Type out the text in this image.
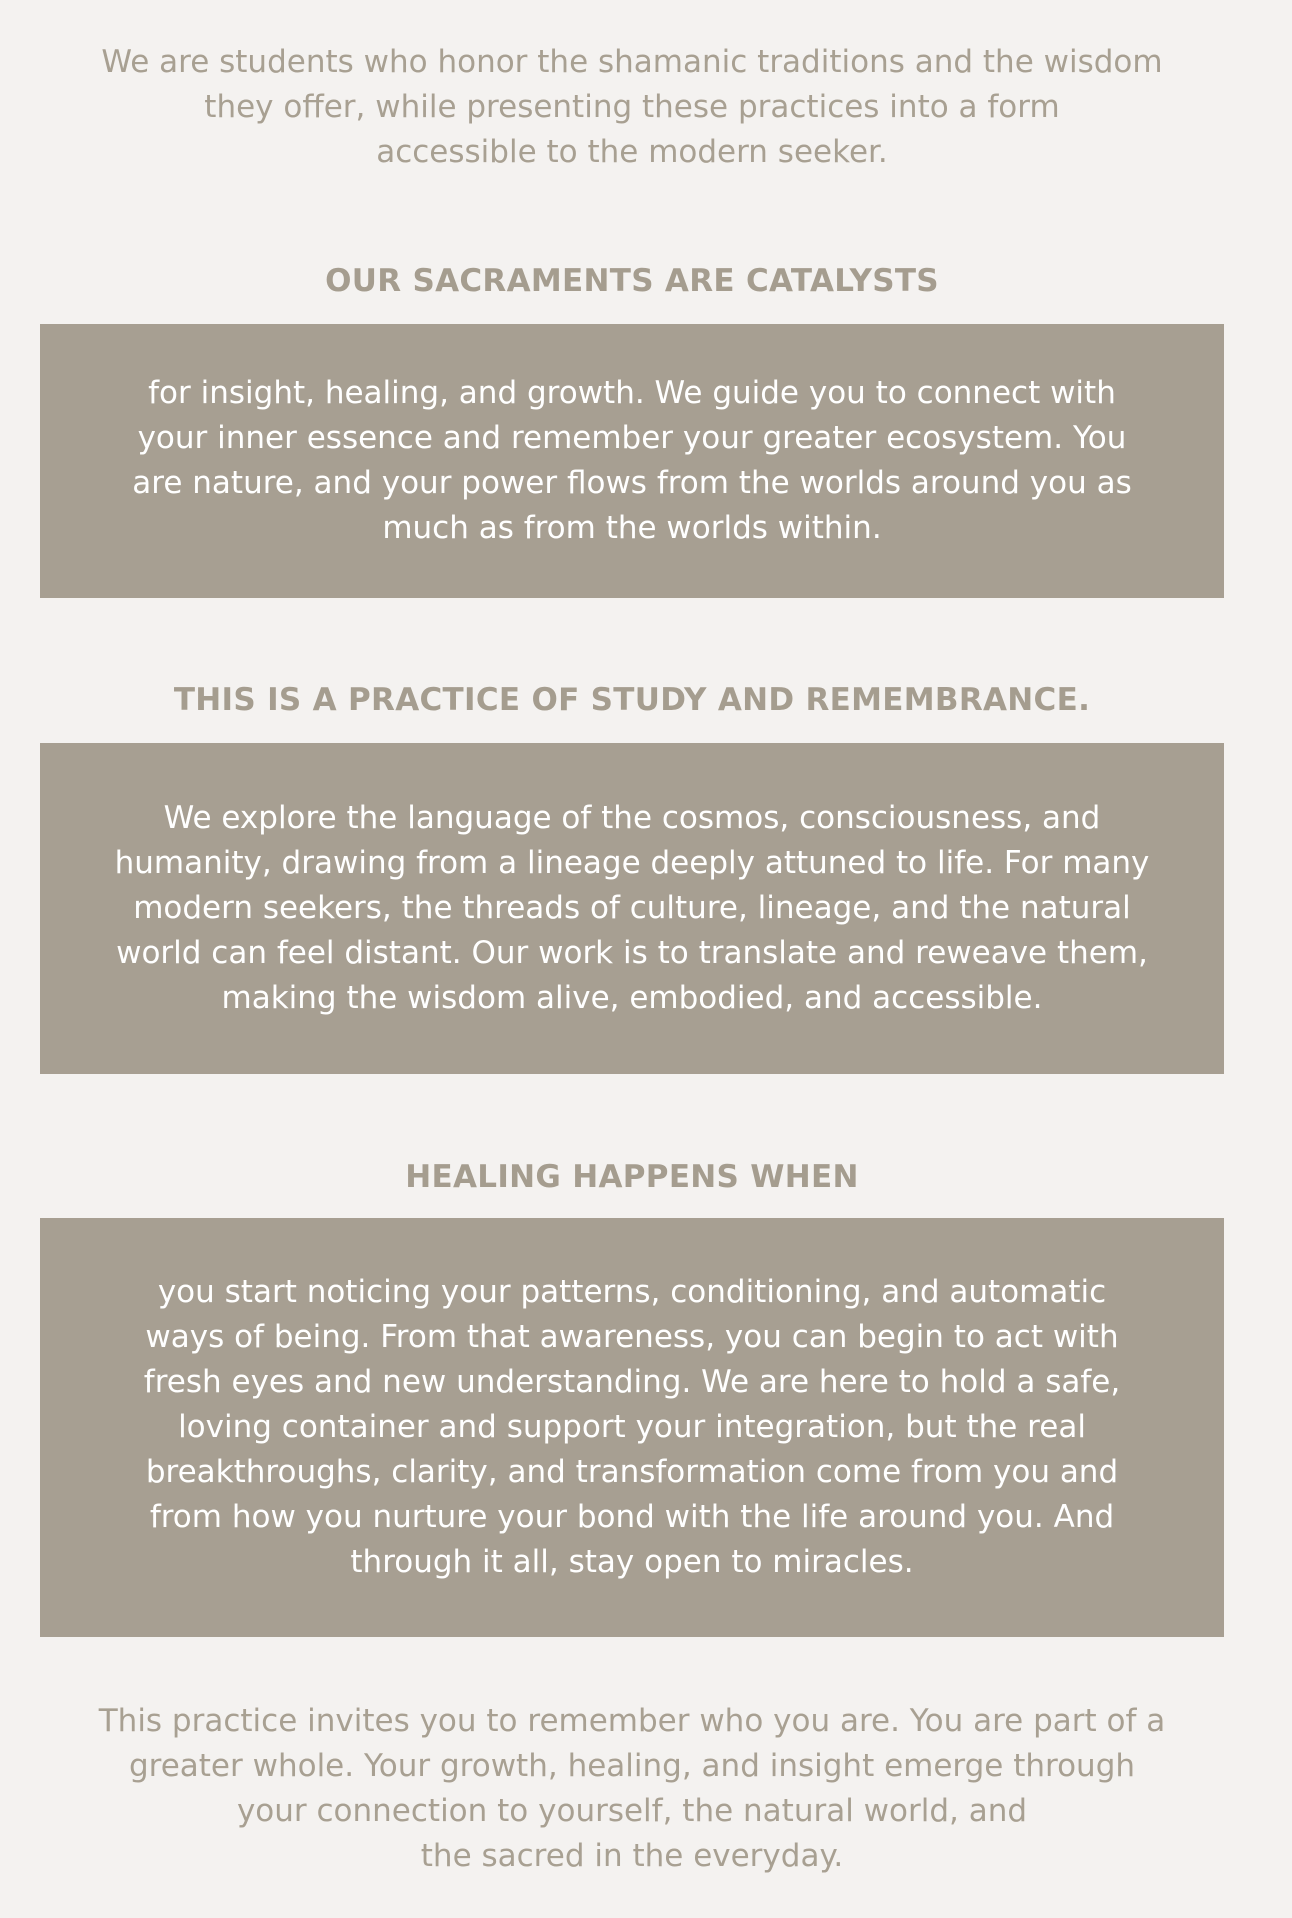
We are students who honor the shamanic traditions and the wisdom
they offer, while presenting these practices into a form
accessible to the modern seeker.

OUR SACRAMENTS ARE CATALYSTS

for insight, healing, and growth. We guide you to connect with
your inner essence and remember your greater ecosystem. You
are nature, and your power flows from the worlds around you as
much as from the worlds within.

THIS IS A PRACTICE OF STUDY AND REMEMBRANCE.

We explore the language of the cosmos, consciousness, and
humanity, drawing from a lineage deeply attuned to life. For many
modern seekers, the threads of culture, lineage, and the natural
world can feel distant. Our work is to translate and reweave them,
making the wisdom alive, embodied, and accessible.

HEALING HAPPENS WHEN

you start noticing your patterns, conditioning, and automatic
ways of being. From that awareness, you can begin to act with
fresh eyes and new understanding. We are here to hold a safe,
loving container and support your integration, but the real
breakthroughs, clarity, and transformation come from you and
from how you nurture your bond with the life around you. And
through it all, stay open to miracles.

This practice invites you to remember who you are. You are part of a
greater whole. Your growth, healing, and insight emerge through
your connection to yourself, the natural world, and
the sacred in the everyday.
